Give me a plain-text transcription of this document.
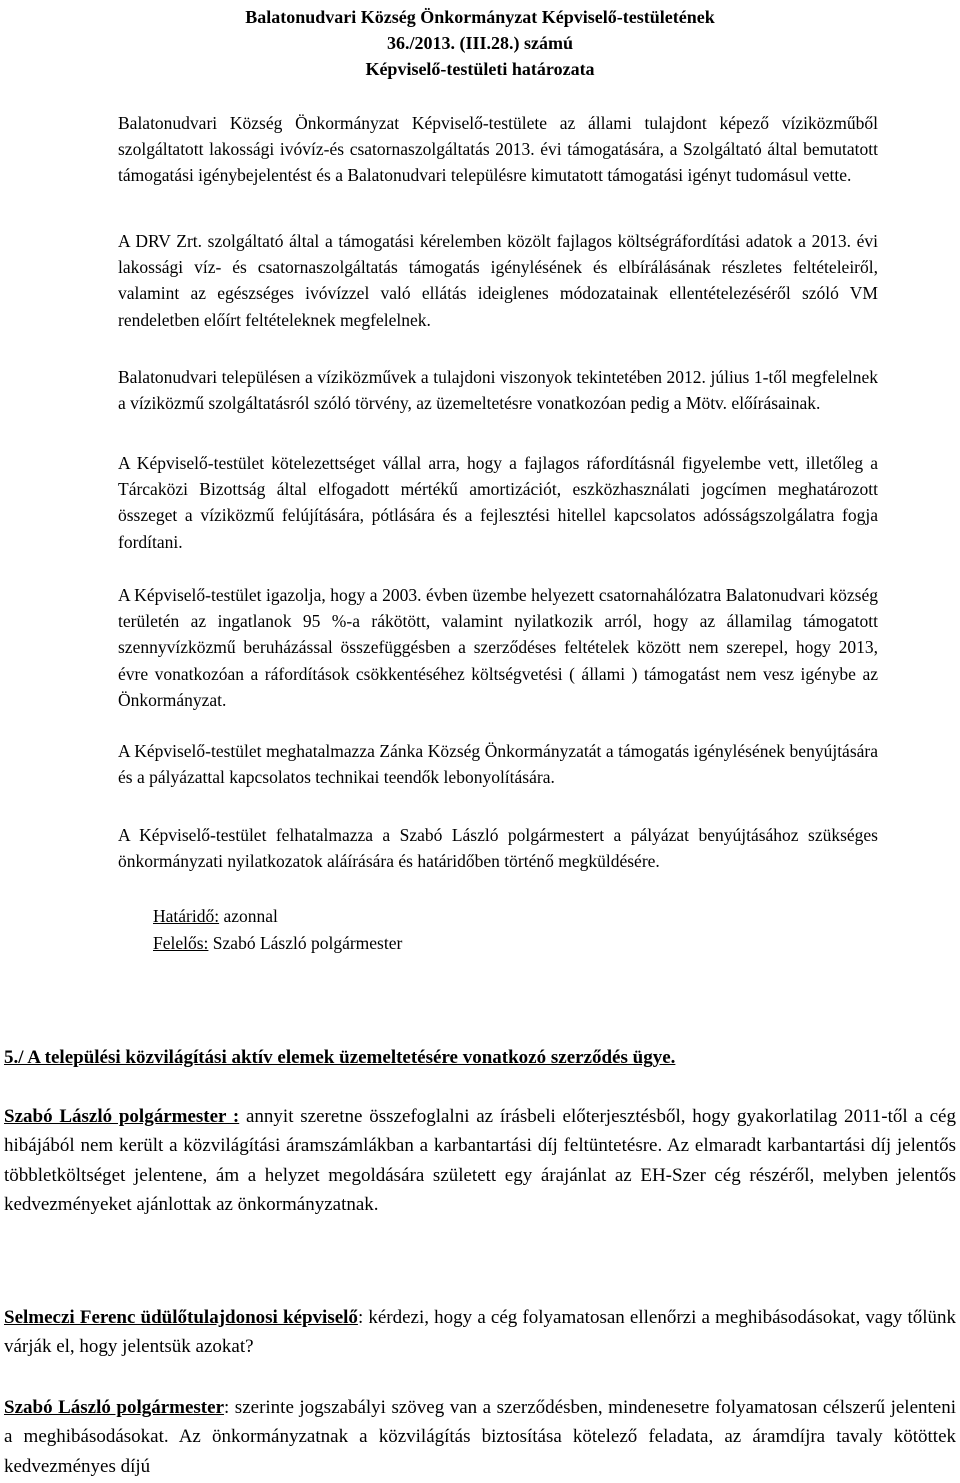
Balatonudvari Község Önkormányzat Képviselő-testületének
36./2013. (III.28.) számú
Képviselő-testületi határozata

Balatonudvari Község Önkormányzat Képviselő-testülete az állami tulajdont képező víziközműből szolgáltatott lakossági ivóvíz-és csatornaszolgáltatás 2013. évi támogatására, a Szolgáltató által bemutatott támogatási igénybejelentést és a Balatonudvari településre kimutatott támogatási igényt tudomásul vette.

A DRV Zrt. szolgáltató által a támogatási kérelemben közölt fajlagos költségráfordítási adatok a 2013. évi lakossági víz- és csatornaszolgáltatás támogatás igénylésének és elbírálásának részletes feltételeiről, valamint az egészséges ivóvízzel való ellátás ideiglenes módozatainak ellentételezéséről szóló VM rendeletben előírt feltételeknek megfelelnek.

Balatonudvari településen a víziközművek a tulajdoni viszonyok tekintetében 2012. július 1-től megfelelnek a víziközmű szolgáltatásról szóló törvény, az üzemeltetésre vonatkozóan pedig a Mötv. előírásainak.

A Képviselő-testület kötelezettséget vállal arra, hogy a fajlagos ráfordításnál figyelembe vett, illetőleg a Tárcaközi Bizottság által elfogadott mértékű amortizációt, eszközhasználati jogcímen meghatározott összeget a víziközmű felújítására, pótlására és a fejlesztési hitellel kapcsolatos adósságszolgálatra fogja fordítani.

A Képviselő-testület igazolja, hogy a 2003. évben üzembe helyezett csatornahálózatra Balatonudvari község területén az ingatlanok 95 %-a rákötött, valamint nyilatkozik arról, hogy az államilag támogatott szennyvízközmű beruházással összefüggésben a szerződéses feltételek között nem szerepel, hogy 2013, évre vonatkozóan a ráfordítások csökkentéséhez költségvetési ( állami ) támogatást nem vesz igénybe az Önkormányzat.

A Képviselő-testület meghatalmazza Zánka Község Önkormányzatát a támogatás igénylésének benyújtására és a pályázattal kapcsolatos technikai teendők lebonyolítására.

A Képviselő-testület felhatalmazza a Szabó László polgármestert a pályázat benyújtásához szükséges önkormányzati nyilatkozatok aláírására és határidőben történő megküldésére.

Határidő: azonnal
Felelős: Szabó László polgármester
5./ A települési közvilágítási aktív elemek üzemeltetésére vonatkozó szerződés ügye.

Szabó László polgármester : annyit szeretne összefoglalni az írásbeli előterjesztésből, hogy gyakorlatilag 2011-től a cég hibájából nem került a közvilágítási áramszámlákban a karbantartási díj feltüntetésre. Az elmaradt karbantartási díj jelentős többletköltséget jelentene, ám a helyzet megoldására született egy árajánlat az EH-Szer cég részéről, melyben jelentős kedvezményeket ajánlottak az önkormányzatnak.

Selmeczi Ferenc üdülőtulajdonosi képviselő: kérdezi, hogy a cég folyamatosan ellenőrzi a meghibásodásokat, vagy tőlünk várják el, hogy jelentsük azokat?

Szabó László polgármester: szerinte jogszabályi szöveg van a szerződésben, mindenesetre folyamatosan célszerű jelenteni a meghibásodásokat. Az önkormányzatnak a közvilágítás biztosítása kötelező feladata, az áramdíjra tavaly kötöttek kedvezményes díjú
